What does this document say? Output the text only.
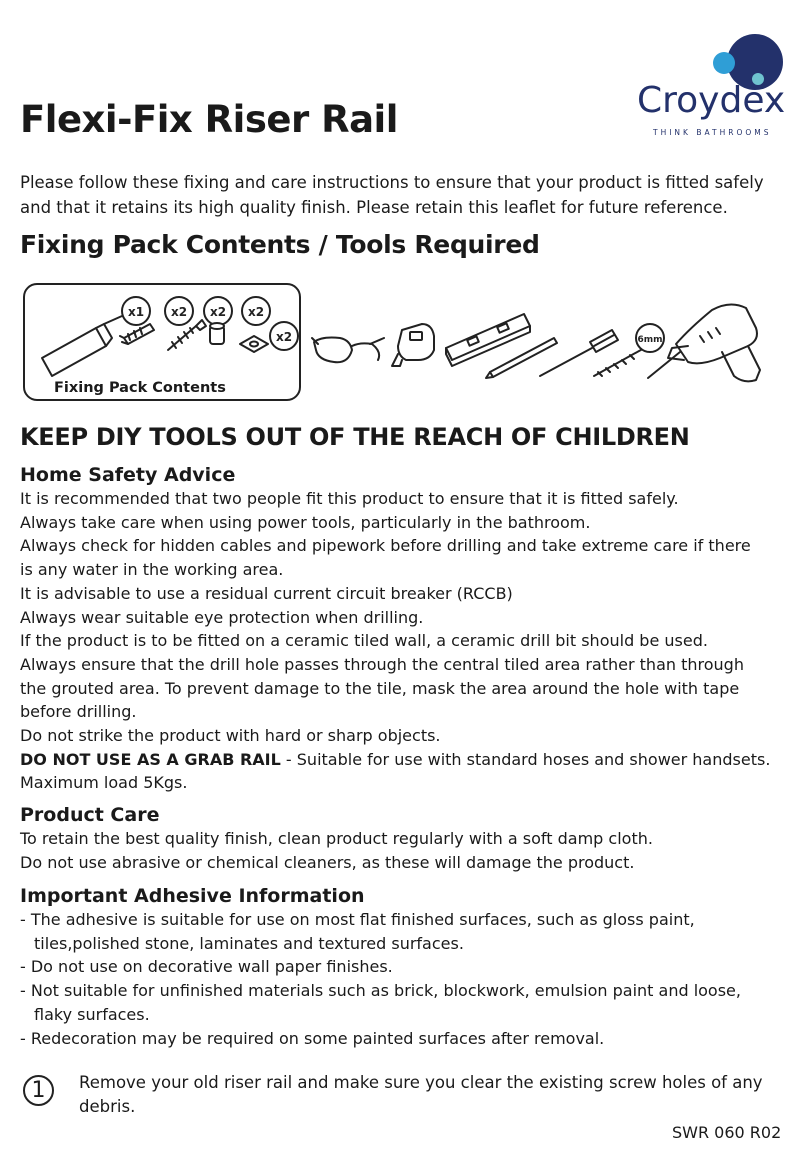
Croydex
THINK BATHROOMS
Flexi-Fix Riser Rail

Please follow these fixing and care instructions to ensure that your product is fitted safely and that it retains its high quality finish. Please retain this leaflet for future reference.

Fixing Pack Contents / Tools Required

Fixing Pack Contents

x1 x2 x2 x2
x2	6mm
KEEP DIY TOOLS OUT OF THE REACH OF CHILDREN
Home Safety Advice
It is recommended that two people fit this product to ensure that it is fitted safely.
Always take care when using power tools, particularly in the bathroom.
Always check for hidden cables and pipework before drilling and take extreme care if there
is any water in the working area.
It is advisable to use a residual current circuit breaker (RCCB)
Always wear suitable eye protection when drilling.
If the product is to be fitted on a ceramic tiled wall, a ceramic drill bit should be used.
Always ensure that the drill hole passes through the central tiled area rather than through
the grouted area. To prevent damage to the tile, mask the area around the hole with tape
before drilling.
Do not strike the product with hard or sharp objects.
DO NOT USE AS A GRAB RAIL - Suitable for use with standard hoses and shower handsets.
Maximum load 5Kgs.
Product Care
To retain the best quality finish, clean product regularly with a soft damp cloth.
Do not use abrasive or chemical cleaners, as these will damage the product.
Important Adhesive Information
- The adhesive is suitable for use on most flat finished surfaces, such as gloss paint,
tiles,polished stone, laminates and textured surfaces.
- Do not use on decorative wall paper finishes.
- Not suitable for unfinished materials such as brick, blockwork, emulsion paint and loose,
flaky surfaces.
- Redecoration may be required on some painted surfaces after removal.
1	Remove your old riser rail and make sure you clear the existing screw holes of any debris.

SWR 060 R02
